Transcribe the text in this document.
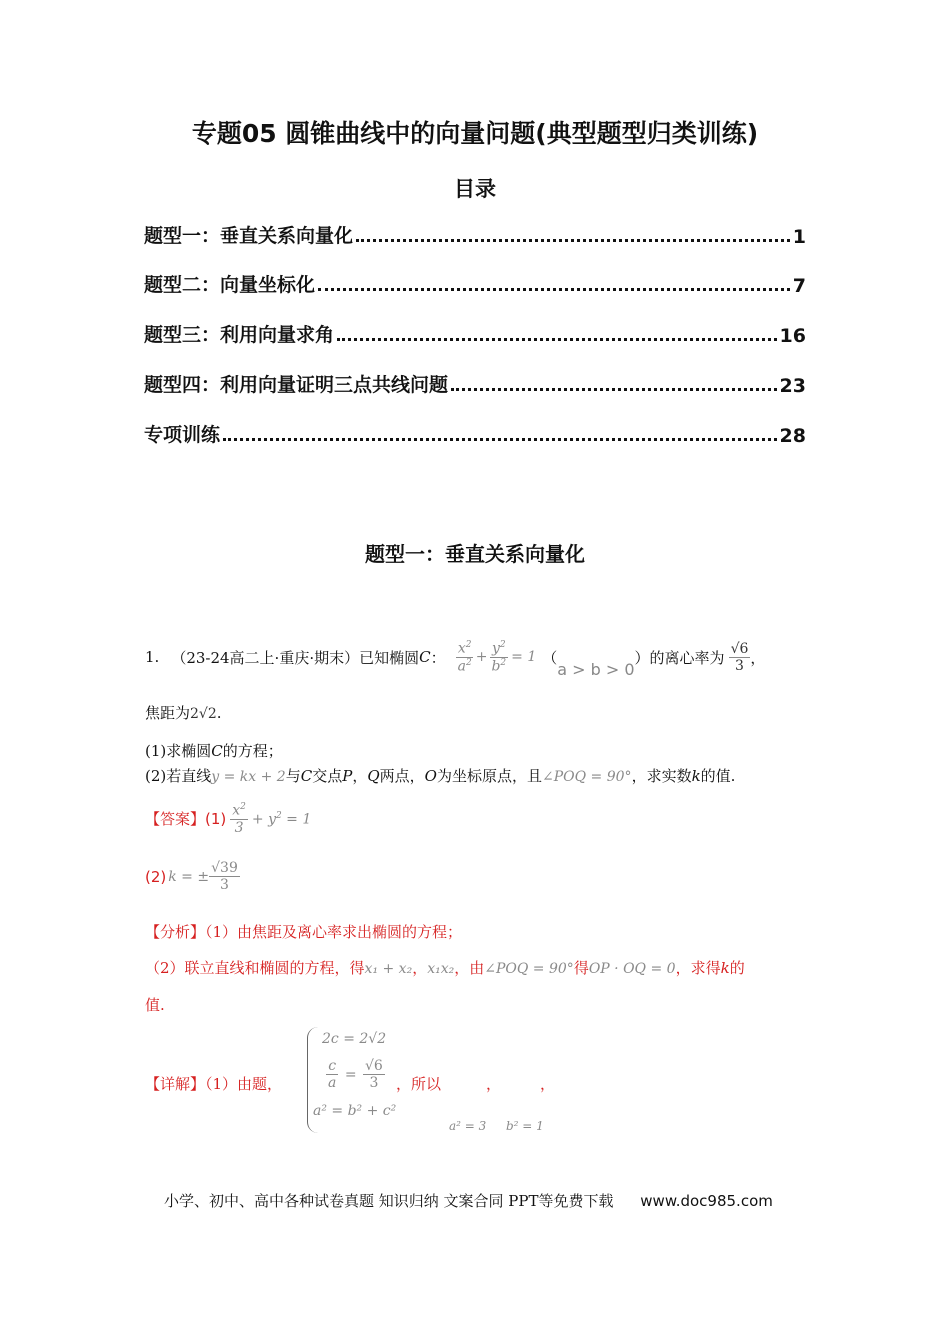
专题05 圆锥曲线中的向量问题(典型题型归类训练)
目录
题型一：垂直关系向量化	1
题型二：向量坐标化	7
题型三：利用向量求角	16
题型四：利用向量证明三点共线问题	23
专项训练	28
题型一：垂直关系向量化
1. （23-24高二上·重庆·期末） 已知椭圆 C ： $\frac{x^2}{a^2} + \frac{y^2}{b^2} = 1$ （
a > b > 0
）的离心率为 $\frac{√6}{3}$ ，
焦距为2√2.
(1)求椭圆C的方程；
(2)若直线y = kx + 2与C交点P，Q两点，O为坐标原点，且∠POQ = 90°，求实数k的值.
【答案】 $(1) \frac{x^2}{3} + y^2 = 1$
(2) k = ± $\frac{√39}{3}$
【分析】（1）由焦距及离心率求出椭圆的方程；
（2）联立直线和椭圆的方程，得x₁ + x₂，x₁x₂，由∠POQ = 90°得OP · OQ = 0，求得k的
值.
【详解】（1）由题，
2c = 2√2
$\frac{c}{a} = \frac{√6}{3}$
a² = b² + c²
，所以	，	，
a² = 3 b² = 1
小学、初中、高中各种试卷真题 知识归纳 文案合同 PPT等免费下载 www.doc985.com
